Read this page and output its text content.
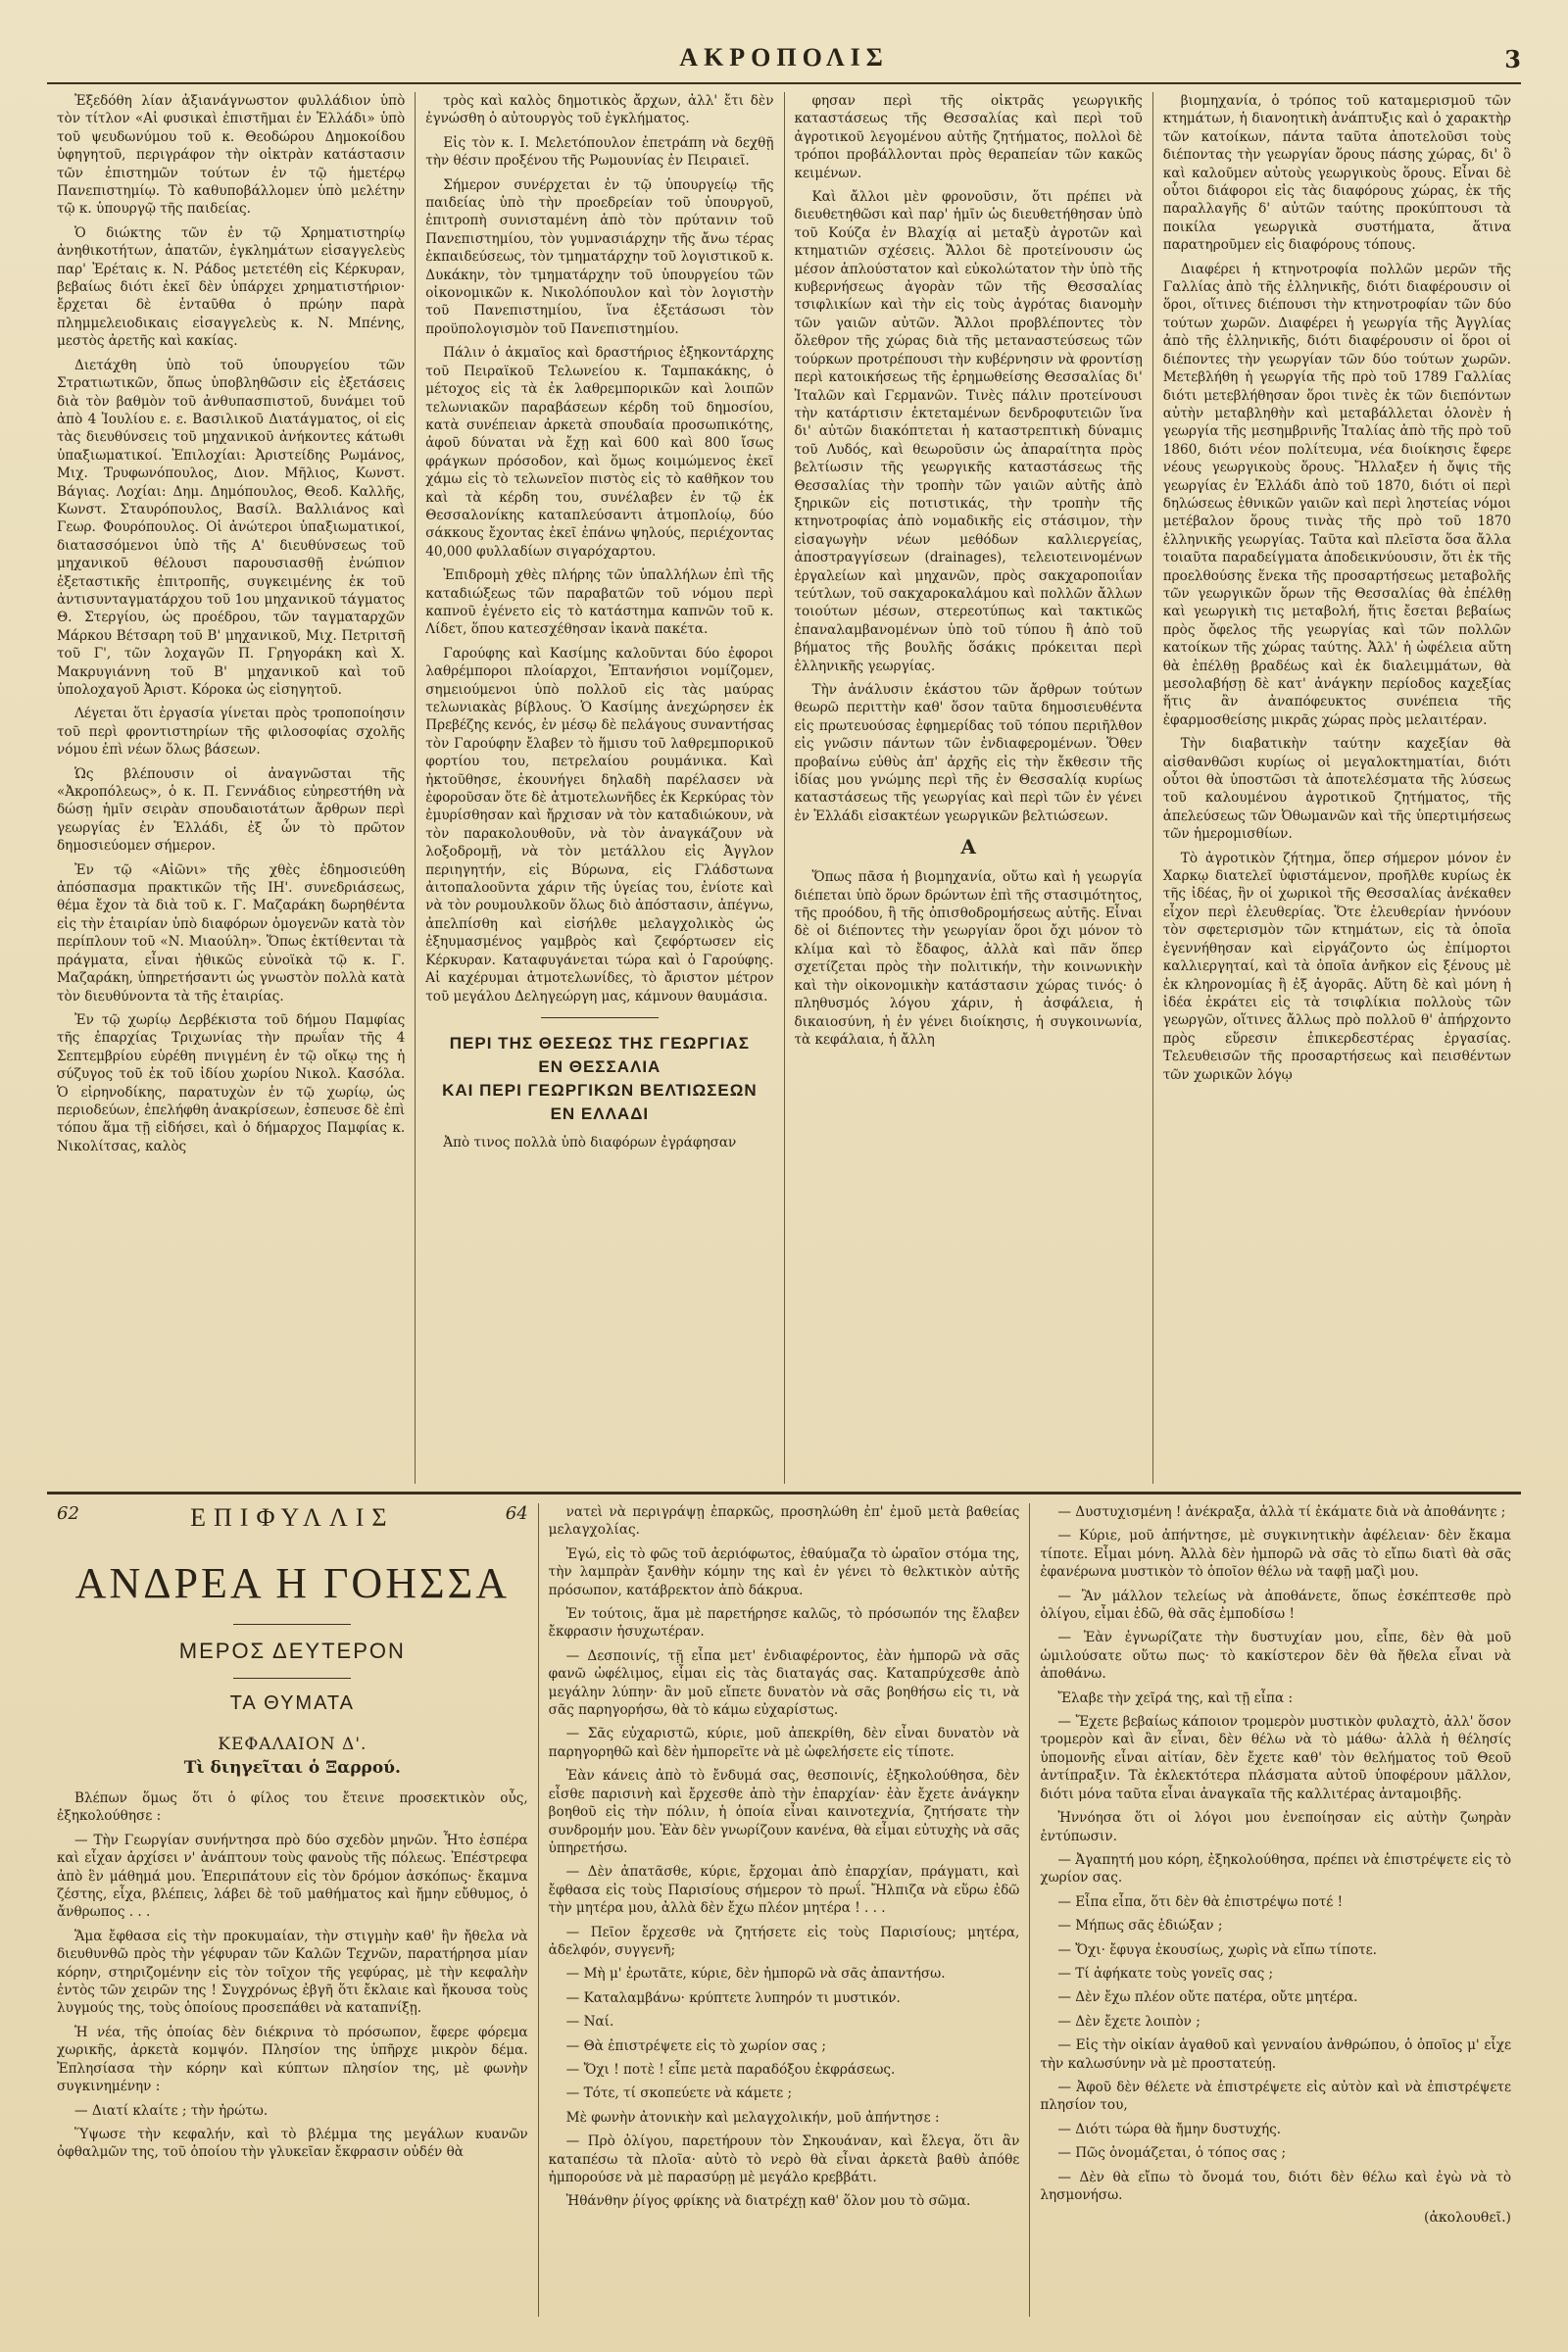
ΑΚΡΟΠΟΛΙΣ	3

Ἐξεδόθη λίαν ἀξιανάγνωστον φυλλάδιον ὑπὸ τὸν τίτλον «Αἱ φυσικαὶ ἐπιστῆμαι ἐν Ἑλλάδι» ὑπὸ τοῦ ψευδωνύμου τοῦ κ. Θεοδώρου Δημοκοίδου ὑφηγητοῦ, περιγράφον τὴν οἰκτρὰν κατάστασιν τῶν ἐπιστημῶν τούτων ἐν τῷ ἡμετέρῳ Πανεπιστημίῳ. Τὸ καθυποβάλλομεν ὑπὸ μελέτην τῷ κ. ὑπουργῷ τῆς παιδείας.

Ὁ διώκτης τῶν ἐν τῷ Χρηματιστηρίῳ ἀνηθικοτήτων, ἀπατῶν, ἐγκλημάτων εἰσαγγελεὺς παρ' Ἐρέταις κ. Ν. Ράδος μετετέθη εἰς Κέρκυραν, βεβαίως διότι ἐκεῖ δὲν ὑπάρχει χρηματιστήριον· ἔρχεται δὲ ἐνταῦθα ὁ πρώην παρὰ πλημμελειοδικαις εἰσαγγελεὺς κ. Ν. Μπένης, μεστὸς ἀρετῆς καὶ κακίας.

Διετάχθη ὑπὸ τοῦ ὑπουργείου τῶν Στρατιωτικῶν, ὅπως ὑποβληθῶσιν εἰς ἐξετάσεις διὰ τὸν βαθμὸν τοῦ ἀνθυπασπιστοῦ, δυνάμει τοῦ ἀπὸ 4 Ἰουλίου ε. ε. Βασιλικοῦ Διατάγματος, οἱ εἰς τὰς διευθύνσεις τοῦ μηχανικοῦ ἀνήκοντες κάτωθι ὑπαξιωματικοί. Ἐπιλοχίαι: Ἀριστείδης Ρωμάνος, Μιχ. Τρυφωνόπουλος, Διον. Μῆλιος, Κωνστ. Βάγιας. Λοχίαι: Δημ. Δημόπουλος, Θεοδ. Καλλῆς, Κωνστ. Σταυρόπουλος, Βασίλ. Βαλλιάνος καὶ Γεωρ. Φουρόπουλος. Οἱ ἀνώτεροι ὑπαξιωματικοί, διατασσόμενοι ὑπὸ τῆς Α' διευθύνσεως τοῦ μηχανικοῦ θέλουσι παρουσιασθῇ ἐνώπιον ἐξεταστικῆς ἐπιτροπῆς, συγκειμένης ἐκ τοῦ ἀντισυνταγματάρχου τοῦ 1ου μηχανικοῦ τάγματος Θ. Στεργίου, ὡς προέδρου, τῶν ταγματαρχῶν Μάρκου Βέτσαρη τοῦ Β' μηχανικοῦ, Μιχ. Πετριτσῆ τοῦ Γ', τῶν λοχαγῶν Π. Γρηγοράκη καὶ Χ. Μακρυγιάννη τοῦ Β' μηχανικοῦ καὶ τοῦ ὑπολοχαγοῦ Ἀριστ. Κόροκα ὡς εἰσηγητοῦ.

Λέγεται ὅτι ἐργασία γίνεται πρὸς τροποποίησιν τοῦ περὶ φροντιστηρίων τῆς φιλοσοφίας σχολῆς νόμου ἐπὶ νέων ὅλως βάσεων.

Ὡς βλέπουσιν οἱ ἀναγνῶσται τῆς «Ἀκροπόλεως», ὁ κ. Π. Γεννάδιος εὐηρεστήθη νὰ δώσῃ ἡμῖν σειρὰν σπουδαιοτάτων ἄρθρων περὶ γεωργίας ἐν Ἑλλάδι, ἐξ ὧν τὸ πρῶτον δημοσιεύομεν σήμερον.

Ἐν τῷ «Αἰῶνι» τῆς χθὲς ἐδημοσιεύθη ἀπόσπασμα πρακτικῶν τῆς ΙΗ'. συνεδριάσεως, θέμα ἔχον τὰ διὰ τοῦ κ. Γ. Μαζαράκη δωρηθέντα εἰς τὴν ἑταιρίαν ὑπὸ διαφόρων ὁμογενῶν κατὰ τὸν περίπλουν τοῦ «Ν. Μιαούλη». Ὅπως ἐκτίθενται τὰ πράγματα, εἶναι ἠθικῶς εὐνοϊκὰ τῷ κ. Γ. Μαζαράκη, ὑπηρετήσαντι ὡς γνωστὸν πολλὰ κατὰ τὸν διευθύνοντα τὰ τῆς ἑταιρίας.

Ἐν τῷ χωρίῳ Δερβέκιστα τοῦ δήμου Παμφίας τῆς ἐπαρχίας Τριχωνίας τὴν πρωΐαν τῆς 4 Σεπτεμβρίου εὑρέθη πνιγμένη ἐν τῷ οἴκῳ της ἡ σύζυγος τοῦ ἐκ τοῦ ἰδίου χωρίου Νικολ. Κασόλα. Ὁ εἰρηνοδίκης, παρατυχὼν ἐν τῷ χωρίῳ, ὡς περιοδεύων, ἐπελήφθη ἀνακρίσεων, ἐσπευσε δὲ ἐπὶ τόπου ἅμα τῇ εἰδήσει, καὶ ὁ δήμαρχος Παμφίας κ. Νικολίτσας, καλὸς

τρὸς καὶ καλὸς δημοτικὸς ἄρχων, ἀλλ' ἔτι δὲν ἐγνώσθη ὁ αὐτουργὸς τοῦ ἐγκλήματος.

Εἰς τὸν κ. Ι. Μελετόπουλον ἐπετράπη νὰ δεχθῇ τὴν θέσιν προξένου τῆς Ρωμουνίας ἐν Πειραιεῖ.

Σήμερον συνέρχεται ἐν τῷ ὑπουργείῳ τῆς παιδείας ὑπὸ τὴν προεδρείαν τοῦ ὑπουργοῦ, ἐπιτροπὴ συνισταμένη ἀπὸ τὸν πρύτανιν τοῦ Πανεπιστημίου, τὸν γυμνασιάρχην τῆς ἄνω τέρας ἐκπαιδεύσεως, τὸν τμηματάρχην τοῦ λογιστικοῦ κ. Δυκάκην, τὸν τμηματάρχην τοῦ ὑπουργείου τῶν οἰκονομικῶν κ. Νικολόπουλον καὶ τὸν λογιστὴν τοῦ Πανεπιστημίου, ἵνα ἐξετάσωσι τὸν προϋπολογισμὸν τοῦ Πανεπιστημίου.

Πάλιν ὁ ἀκμαῖος καὶ δραστήριος ἐξηκοντάρχης τοῦ Πειραϊκοῦ Τελωνείου κ. Ταμπακάκης, ὁ μέτοχος εἰς τὰ ἐκ λαθρεμπορικῶν καὶ λοιπῶν τελωνιακῶν παραβάσεων κέρδη τοῦ δημοσίου, κατὰ συνέπειαν ἀρκετὰ σπουδαία προσωπικότης, ἀφοῦ δύναται νὰ ἔχῃ καὶ 600 καὶ 800 ἴσως φράγκων πρόσοδον, καὶ ὅμως κοιμώμενος ἐκεῖ χάμω εἰς τὸ τελωνεῖον πιστὸς εἰς τὸ καθῆκον του καὶ τὰ κέρδη του, συνέλαβεν ἐν τῷ ἐκ Θεσσαλονίκης καταπλεύσαντι ἀτμοπλοίῳ, δύο σάκκους ἔχοντας ἐκεῖ ἐπάνω ψηλούς, περιέχοντας 40,000 φυλλαδίων σιγαρόχαρτου.

Ἐπιδρομὴ χθὲς πλήρης τῶν ὑπαλλήλων ἐπὶ τῆς καταδιώξεως τῶν παραβατῶν τοῦ νόμου περὶ καπνοῦ ἐγένετο εἰς τὸ κατάστημα καπνῶν τοῦ κ. Λίδετ, ὅπου κατεσχέθησαν ἱκανὰ πακέτα.

Γαρούφης καὶ Κασίμης καλοῦνται δύο ἐφοροι λαθρέμποροι πλοίαρχοι, Ἐπτανήσιοι νομίζομεν, σημειούμενοι ὑπὸ πολλοῦ εἰς τὰς μαύρας τελωνιακὰς βίβλους. Ὁ Κασίμης ἀνεχώρησεν ἐκ Πρεβέζης κενός, ἐν μέσῳ δὲ πελάγους συναντήσας τὸν Γαρούφην ἔλαβεν τὸ ἥμισυ τοῦ λαθρεμπορικοῦ φορτίου του, πετρελαίου ρουμάνικα. Καὶ ἠκτοῦθησε, ἐκουνήγει δηλαδὴ παρέλασεν νὰ ἐφοροῦσαν ὅτε δὲ ἀτμοτελωνῆδες ἐκ Κερκύρας τὸν ἐμυρίσθησαν καὶ ἤρχισαν νὰ τὸν καταδιώκουν, νὰ τὸν παρακολουθοῦν, νὰ τὸν ἀναγκάζουν νὰ λοξοδρομῇ, νὰ τὸν μετάλλου εἰς Ἀγγλον περιηγητήν, εἰς Βύρωνα, εἰς Γλάδστωνα ἀιτοπαλοοῦντα χάριν τῆς ὑγείας του, ἐνίοτε καὶ νὰ τὸν ρουμουλκοῦν ὅλως διὸ ἀπόστασιν, ἀπέγνω, ἀπελπίσθη καὶ εἰσήλθε μελαγχολικὸς ὡς ἐξηυμασμένος γαμβρὸς καὶ ζεφόρτωσεν εἰς Κέρκυραν. Καταφυγάνεται τώρα καὶ ὁ Γαρούφης. Αἱ καχέρυμαι ἀτμοτελωνίδες, τὸ ἄριστον μέτρον τοῦ μεγάλου Δεληγεώργη μας, κάμνουν θαυμάσια.

ΠΕΡΙ ΤΗΣ ΘΕΣΕΩΣ ΤΗΣ ΓΕΩΡΓΙΑΣ
ΕΝ ΘΕΣΣΑΛΙΑ
ΚΑΙ ΠΕΡΙ ΓΕΩΡΓΙΚΩΝ ΒΕΛΤΙΩΣΕΩΝ
ΕΝ ΕΛΛΑΔΙ

Ἀπὸ τινος πολλὰ ὑπὸ διαφόρων ἐγράφησαν

φησαν περὶ τῆς οἰκτρᾶς γεωργικῆς καταστάσεως τῆς Θεσσαλίας καὶ περὶ τοῦ ἀγροτικοῦ λεγομένου αὐτῆς ζητήματος, πολλοὶ δὲ τρόποι προβάλλονται πρὸς θεραπείαν τῶν κακῶς κειμένων.

Καὶ ἄλλοι μὲν φρονοῦσιν, ὅτι πρέπει νὰ διευθετηθῶσι καὶ παρ' ἡμῖν ὡς διευθετήθησαν ὑπὸ τοῦ Κούζα ἐν Βλαχίᾳ αἱ μεταξὺ ἀγροτῶν καὶ κτηματιῶν σχέσεις. Ἄλλοι δὲ προτείνουσιν ὡς μέσον ἁπλούστατον καὶ εὐκολώτατον τὴν ὑπὸ τῆς κυβερνήσεως ἀγορὰν τῶν τῆς Θεσσαλίας τσιφλικίων καὶ τὴν εἰς τοὺς ἀγρότας διανομὴν τῶν γαιῶν αὐτῶν. Ἄλλοι προβλέποντες τὸν ὄλεθρον τῆς χώρας διὰ τῆς μεταναστεύσεως τῶν τούρκων προτρέπουσι τὴν κυβέρνησιν νὰ φροντίσῃ περὶ κατοικήσεως τῆς ἐρημωθείσης Θεσσαλίας δι' Ἰταλῶν καὶ Γερμανῶν. Τινὲς πάλιν προτείνουσι τὴν κατάρτισιν ἐκτεταμένων δενδροφυτειῶν ἵνα δι' αὐτῶν διακόπτεται ἡ καταστρεπτικὴ δύναμις τοῦ Λυδός, καὶ θεωροῦσιν ὡς ἀπαραίτητα πρὸς βελτίωσιν τῆς γεωργικῆς καταστάσεως τῆς Θεσσαλίας τὴν τροπὴν τῶν γαιῶν αὐτῆς ἀπὸ ξηρικῶν εἰς ποτιστικάς, τὴν τροπὴν τῆς κτηνοτροφίας ἀπὸ νομαδικῆς εἰς στάσιμον, τὴν εἰσαγωγὴν νέων μεθόδων καλλιεργείας, ἀποστραγγίσεων (drainages), τελειοτεινομένων ἐργαλείων καὶ μηχανῶν, πρὸς σακχαροποιΐαν τεύτλων, τοῦ σακχαροκαλάμου καὶ πολλῶν ἄλλων τοιούτων μέσων, στερεοτύπως καὶ τακτικῶς ἐπαναλαμβανομένων ὑπὸ τοῦ τύπου ἢ ἀπὸ τοῦ βήματος τῆς βουλῆς ὅσάκις πρόκειται περὶ ἑλληνικῆς γεωργίας.

Τὴν ἀνάλυσιν ἑκάστου τῶν ἄρθρων τούτων θεωρῶ περιττὴν καθ' ὅσον ταῦτα δημοσιευθέντα εἰς πρωτευούσας ἐφημερίδας τοῦ τόπου περιῆλθον εἰς γνῶσιν πάντων τῶν ἐνδιαφερομένων. Ὅθεν προβαίνω εὐθὺς ἀπ' ἀρχῆς εἰς τὴν ἔκθεσιν τῆς ἰδίας μου γνώμης περὶ τῆς ἐν Θεσσαλίᾳ κυρίως καταστάσεως τῆς γεωργίας καὶ περὶ τῶν ἐν γένει ἐν Ἑλλάδι εἰσακτέων γεωργικῶν βελτιώσεων.

Α

Ὅπως πᾶσα ἡ βιομηχανία, οὕτω καὶ ἡ γεωργία διέπεται ὑπὸ ὅρων δρώντων ἐπὶ τῆς στασιμότητος, τῆς προόδου, ἢ τῆς ὀπισθοδρομήσεως αὐτῆς. Εἶναι δὲ οἱ διέποντες τὴν γεωργίαν ὅροι ὄχι μόνον τὸ κλίμα καὶ τὸ ἔδαφος, ἀλλὰ καὶ πᾶν ὅπερ σχετίζεται πρὸς τὴν πολιτικήν, τὴν κοινωνικὴν καὶ τὴν οἰκονομικὴν κατάστασιν χώρας τινός· ὁ πληθυσμός λόγου χάριν, ἡ ἀσφάλεια, ἡ δικαιοσύνη, ἡ ἐν γένει διοίκησις, ἡ συγκοινωνία, τὰ κεφάλαια, ἡ ἄλλη

βιομηχανία, ὁ τρόπος τοῦ καταμερισμοῦ τῶν κτημάτων, ἡ διανοητικὴ ἀνάπτυξις καὶ ὁ χαρακτὴρ τῶν κατοίκων, πάντα ταῦτα ἀποτελοῦσι τοὺς διέποντας τὴν γεωργίαν ὅρους πάσης χώρας, δι' ὃ καὶ καλοῦμεν αὐτοὺς γεωργικοὺς ὅρους. Εἶναι δὲ οὗτοι διάφοροι εἰς τὰς διαφόρους χώρας, ἐκ τῆς παραλλαγῆς δ' αὐτῶν ταύτης προκύπτουσι τὰ ποικίλα γεωργικὰ συστήματα, ἅτινα παρατηροῦμεν εἰς διαφόρους τόπους.

Διαφέρει ἡ κτηνοτροφία πολλῶν μερῶν τῆς Γαλλίας ἀπὸ τῆς ἑλληνικῆς, διότι διαφέρουσιν οἱ ὅροι, οἵτινες διέπουσι τὴν κτηνοτροφίαν τῶν δύο τούτων χωρῶν. Διαφέρει ἡ γεωργία τῆς Ἀγγλίας ἀπὸ τῆς ἑλληνικῆς, διότι διαφέρουσιν οἱ ὅροι οἱ διέποντες τὴν γεωργίαν τῶν δύο τούτων χωρῶν. Μετεβλήθη ἡ γεωργία τῆς πρὸ τοῦ 1789 Γαλλίας διότι μετεβλήθησαν ὅροι τινὲς ἐκ τῶν διεπόντων αὐτὴν μεταβληθὴν καὶ μεταβάλλεται ὁλονὲν ἡ γεωργία τῆς μεσημβρινῆς Ἰταλίας ἀπὸ τῆς πρὸ τοῦ 1860, διότι νέον πολίτευμα, νέα διοίκησις ἔφερε νέους γεωργικοὺς ὅρους. Ἤλλαξεν ἡ ὄψις τῆς γεωργίας ἐν Ἑλλάδι ἀπὸ τοῦ 1870, διότι οἱ περὶ δηλώσεως ἐθνικῶν γαιῶν καὶ περὶ ληστείας νόμοι μετέβαλον ὅρους τινὰς τῆς πρὸ τοῦ 1870 ἑλληνικῆς γεωργίας. Ταῦτα καὶ πλεῖστα ὅσα ἄλλα τοιαῦτα παραδείγματα ἀποδεικνύουσιν, ὅτι ἐκ τῆς προελθούσης ἕνεκα τῆς προσαρτήσεως μεταβολῆς τῶν γεωργικῶν ὅρων τῆς Θεσσαλίας θὰ ἐπέλθῃ καὶ γεωργικὴ τις μεταβολή, ἥτις ἔσεται βεβαίως πρὸς ὄφελος τῆς γεωργίας καὶ τῶν πολλῶν κατοίκων τῆς χώρας ταύτης. Ἀλλ' ἡ ὠφέλεια αὕτη θὰ ἐπέλθῃ βραδέως καὶ ἐκ διαλειμμάτων, θὰ μεσολαβήσῃ δὲ κατ' ἀνάγκην περίοδος καχεξίας ἥτις ἂν ἀναπόφευκτος συνέπεια τῆς ἐφαρμοσθείσης μικρᾶς χώρας πρὸς μελαιτέραν.

Τὴν διαβατικὴν ταύτην καχεξίαν θὰ αἰσθανθῶσι κυρίως οἱ μεγαλοκτηματίαι, διότι οὗτοι θὰ ὑποστῶσι τὰ ἀποτελέσματα τῆς λύσεως τοῦ καλουμένου ἀγροτικοῦ ζητήματος, τῆς ἀπελεύσεως τῶν Ὀθωμανῶν καὶ τῆς ὑπερτιμήσεως τῶν ἡμερομισθίων.

Τὸ ἀγροτικὸν ζήτημα, ὅπερ σήμερον μόνον ἐν Χαρκῳ διατελεῖ ὑφιστάμενον, προῆλθε κυρίως ἐκ τῆς ἰδέας, ἣν οἱ χωρικοὶ τῆς Θεσσαλίας ἀνέκαθεν εἶχον περὶ ἐλευθερίας. Ὅτε ἐλευθερίαν ἠννόουν τὸν σφετερισμὸν τῶν κτημάτων, εἰς τὰ ὁποῖα ἐγεννήθησαν καὶ εἰργάζοντο ὡς ἐπίμορτοι καλλιεργηταί, καὶ τὰ ὁποῖα ἀνῆκον εἰς ξένους μὲ ἐκ κληρονομίας ἢ ἐξ ἀγορᾶς. Αὕτη δὲ καὶ μόνη ἡ ἰδέα ἐκράτει εἰς τὰ τσιφλίκια πολλοὺς τῶν γεωργῶν, οἵτινες ἄλλως πρὸ πολλοῦ θ' ἀπήρχοντο πρὸς εὕρεσιν ἐπικερδεστέρας ἐργασίας. Τελευθεισῶν τῆς προσαρτήσεως καὶ πεισθέντων τῶν χωρικῶν λόγῳ

62	ΕΠΙΦΥΛΛΙΣ	64
ΑΝΔΡΕΑ Η ΓΟΗΣΣΑ
ΜΕΡΟΣ ΔΕΥΤΕΡΟΝ
ΤΑ ΘΥΜΑΤΑ
ΚΕΦΑΛΑΙΟΝ Δ'.
Τὶ διηγεῖται ὁ Ξαρρού.

Βλέπων ὅμως ὅτι ὁ φίλος του ἔτεινε προσεκτικὸν οὖς, ἐξηκολούθησε :

— Τὴν Γεωργίαν συνήντησα πρὸ δύο σχεδὸν μηνῶν. Ἦτο ἑσπέρα καὶ εἶχαν ἀρχίσει ν' ἀνάπτουν τοὺς φανοὺς τῆς πόλεως. Ἐπέστρεφα ἀπὸ ἓν μάθημά μου. Ἐπεριπάτουν εἰς τὸν δρόμον ἀσκόπως· ἔκαμνα ζέστης, εἶχα, βλέπεις, λάβει δὲ τοῦ μαθήματος καὶ ἤμην εὔθυμος, ὁ ἄνθρωπος . . .

Ἅμα ἔφθασα εἰς τὴν προκυμαίαν, τὴν στιγμὴν καθ' ἣν ἤθελα νὰ διευθυνθῶ πρὸς τὴν γέφυραν τῶν Καλῶν Τεχνῶν, παρατήρησα μίαν κόρην, στηριζομένην εἰς τὸν τοῖχον τῆς γεφύρας, μὲ τὴν κεφαλὴν ἐντὸς τῶν χειρῶν της ! Συγχρόνως ἐβγῆ ὅτι ἔκλαιε καὶ ἤκουσα τοὺς λυγμούς της, τοὺς ὁποίους προσεπάθει νὰ καταπνίξῃ.

Ἡ νέα, τῆς ὁποίας δὲν διέκρινα τὸ πρόσωπον, ἔφερε φόρεμα χωρικῆς, ἀρκετὰ κομψόν. Πλησίον της ὑπῆρχε μικρὸν δέμα. Ἐπλησίασα τὴν κόρην καὶ κύπτων πλησίον της, μὲ φωνὴν συγκινημένην :

— Διατί κλαίτε ; τὴν ἠρώτω.

Ὕψωσε τὴν κεφαλήν, καὶ τὸ βλέμμα της μεγάλων κυανῶν ὀφθαλμῶν της, τοῦ ὁποίου τὴν γλυκεῖαν ἔκφρασιν οὐδέν θὰ

νατεὶ νὰ περιγράψῃ ἐπαρκῶς, προσηλώθη ἐπ' ἐμοῦ μετὰ βαθείας μελαγχολίας.

Ἐγώ, εἰς τὸ φῶς τοῦ ἀεριόφωτος, ἐθαύμαζα τὸ ὡραῖον στόμα της, τὴν λαμπρὰν ξανθὴν κόμην της καὶ ἐν γένει τὸ θελκτικὸν αὐτῆς πρόσωπον, κατάβρεκτον ἀπὸ δάκρυα.

Ἐν τούτοις, ἅμα μὲ παρετήρησε καλῶς, τὸ πρόσωπόν της ἔλαβεν ἔκφρασιν ἡσυχωτέραν.

— Δεσποινίς, τῇ εἶπα μετ' ἐνδιαφέροντος, ἐὰν ἠμπορῶ νὰ σᾶς φανῶ ὠφέλιμος, εἶμαι εἰς τὰς διαταγάς σας. Καταπρύχεσθε ἀπὸ μεγάλην λύπην· ἂν μοῦ εἴπετε δυνατὸν νὰ σᾶς βοηθήσω εἰς τι, νὰ σᾶς παρηγορήσω, θὰ τὸ κάμω εὐχαρίστως.

— Σᾶς εὐχαριστῶ, κύριε, μοῦ ἀπεκρίθη, δὲν εἶναι δυνατὸν νὰ παρηγορηθῶ καὶ δὲν ἠμπορεῖτε νὰ μὲ ὠφελήσετε εἰς τίποτε.

Ἐὰν κάνεις ἀπὸ τὸ ἔνδυμά σας, θεσποινίς, ἐξηκολούθησα, δὲν εἶσθε παρισινὴ καὶ ἔρχεσθε ἀπὸ τὴν ἐπαρχίαν· ἐὰν ἔχετε ἀνάγκην βοηθοῦ εἰς τὴν πόλιν, ἡ ὁποία εἶναι καινοτεχνία, ζητήσατε τὴν συνδρομήν μου. Ἐὰν δὲν γνωρίζουν κανένα, θὰ εἶμαι εὐτυχὴς νὰ σᾶς ὑπηρετήσω.

— Δὲν ἀπατᾶσθε, κύριε, ἔρχομαι ἀπὸ ἐπαρχίαν, πράγματι, καὶ ἔφθασα εἰς τοὺς Παρισίους σήμερον τὸ πρωΐ. Ἤλπιζα νὰ εὕρω ἐδῶ τὴν μητέρα μου, ἀλλὰ δὲν ἔχω πλέον μητέρα ! . . .

— Πεῖον ἔρχεσθε νὰ ζητήσετε εἰς τοὺς Παρισίους; μητέρα, ἀδελφόν, συγγενῆ;

— Μὴ μ' ἐρωτᾶτε, κύριε, δὲν ἠμπορῶ νὰ σᾶς ἀπαντήσω.

— Καταλαμβάνω· κρύπτετε λυπηρόν τι μυστικόν.

— Ναί.

— Θὰ ἐπιστρέψετε εἰς τὸ χωρίον σας ;

— Ὄχι ! ποτὲ ! εἶπε μετὰ παραδόξου ἐκφράσεως.

— Τότε, τί σκοπεύετε νὰ κάμετε ;

Μὲ φωνὴν ἀτονικὴν καὶ μελαγχολικήν, μοῦ ἀπήντησε :

— Πρὸ ὀλίγου, παρετήρουν τὸν Σηκουάναν, καὶ ἔλεγα, ὅτι ἂν καταπέσω τὰ πλοῖα· αὐτὸ τὸ νερὸ θὰ εἶναι ἀρκετὰ βαθὺ ἀπόθε ἠμπορούσε νὰ μὲ παρασύρῃ μὲ μεγάλο κρεββάτι.

Ἠθάνθην ῥίγος φρίκης νὰ διατρέχῃ καθ' ὅλον μου τὸ σῶμα.

— Δυστυχισμένη ! ἀνέκραξα, ἀλλὰ τί ἐκάματε διὰ νὰ ἀποθάνητε ;

— Κύριε, μοῦ ἀπήντησε, μὲ συγκινητικὴν ἀφέλειαν· δὲν ἔκαμα τίποτε. Εἶμαι μόνη. Ἀλλὰ δὲν ἠμπορῶ νὰ σᾶς τὸ εἴπω διατὶ θὰ σᾶς ἐφανέρωνα μυστικὸν τὸ ὁποῖον θέλω νὰ ταφῇ μαζὶ μου.

— Ἂν μάλλον τελείως νὰ ἀποθάνετε, ὅπως ἐσκέπτεσθε πρὸ ὀλίγου, εἶμαι ἐδῶ, θὰ σᾶς ἐμποδίσω !

— Ἐὰν ἐγνωρίζατε τὴν δυστυχίαν μου, εἶπε, δὲν θὰ μοῦ ὡμιλούσατε οὕτω πως· τὸ κακίστερον δὲν θὰ ἤθελα εἶναι νὰ ἀποθάνω.

Ἔλαβε τὴν χεῖρά της, καὶ τῇ εἶπα :

— Ἔχετε βεβαίως κάποιον τρομερὸν μυστικὸν φυλαχτὸ, ἀλλ' ὅσον τρομερὸν καὶ ἂν εἶναι, δὲν θέλω νὰ τὸ μάθω· ἀλλὰ ἡ θέλησίς ὑπομονῆς εἶναι αἰτίαν, δὲν ἔχετε καθ' τὸν θελήματος τοῦ Θεοῦ ἀντίπραξιν. Τὰ ἐκλεκτότερα πλάσματα αὐτοῦ ὑποφέρουν μᾶλλον, διότι μόνα ταῦτα εἶναι ἀναγκαῖα τῆς καλλιτέρας ἀνταμοιβῆς.

Ἠννόησα ὅτι οἱ λόγοι μου ἐνεποίησαν εἰς αὐτὴν ζωηρὰν ἐντύπωσιν.

— Ἀγαπητή μου κόρη, ἐξηκολούθησα, πρέπει νὰ ἐπιστρέψετε εἰς τὸ χωρίον σας.

— Εἶπα εἶπα, ὅτι δὲν θὰ ἐπιστρέψω ποτέ !

— Μήπως σᾶς ἐδιώξαν ;

— Ὄχι· ἔφυγα ἐκουσίως, χωρὶς νὰ εἴπω τίποτε.

— Τί ἀφήκατε τοὺς γονεῖς σας ;

— Δὲν ἔχω πλέον οὔτε πατέρα, οὔτε μητέρα.

— Δὲν ἔχετε λοιπὸν ;

— Εἰς τὴν οἰκίαν ἀγαθοῦ καὶ γενναίου ἀνθρώπου, ὁ ὁποῖος μ' εἶχε τὴν καλωσύνην νὰ μὲ προστατεύῃ.

— Ἀφοῦ δὲν θέλετε νὰ ἐπιστρέψετε εἰς αὐτὸν καὶ νὰ ἐπιστρέψετε πλησίον του,

— Διότι τώρα θὰ ἤμην δυστυχής.

— Πῶς ὀνομάζεται, ὁ τόπος σας ;

— Δὲν θὰ εἴπω τὸ ὄνομά του, διότι δὲν θέλω καὶ ἐγὼ νὰ τὸ λησμονήσω.

(ἀκολουθεῖ.)
